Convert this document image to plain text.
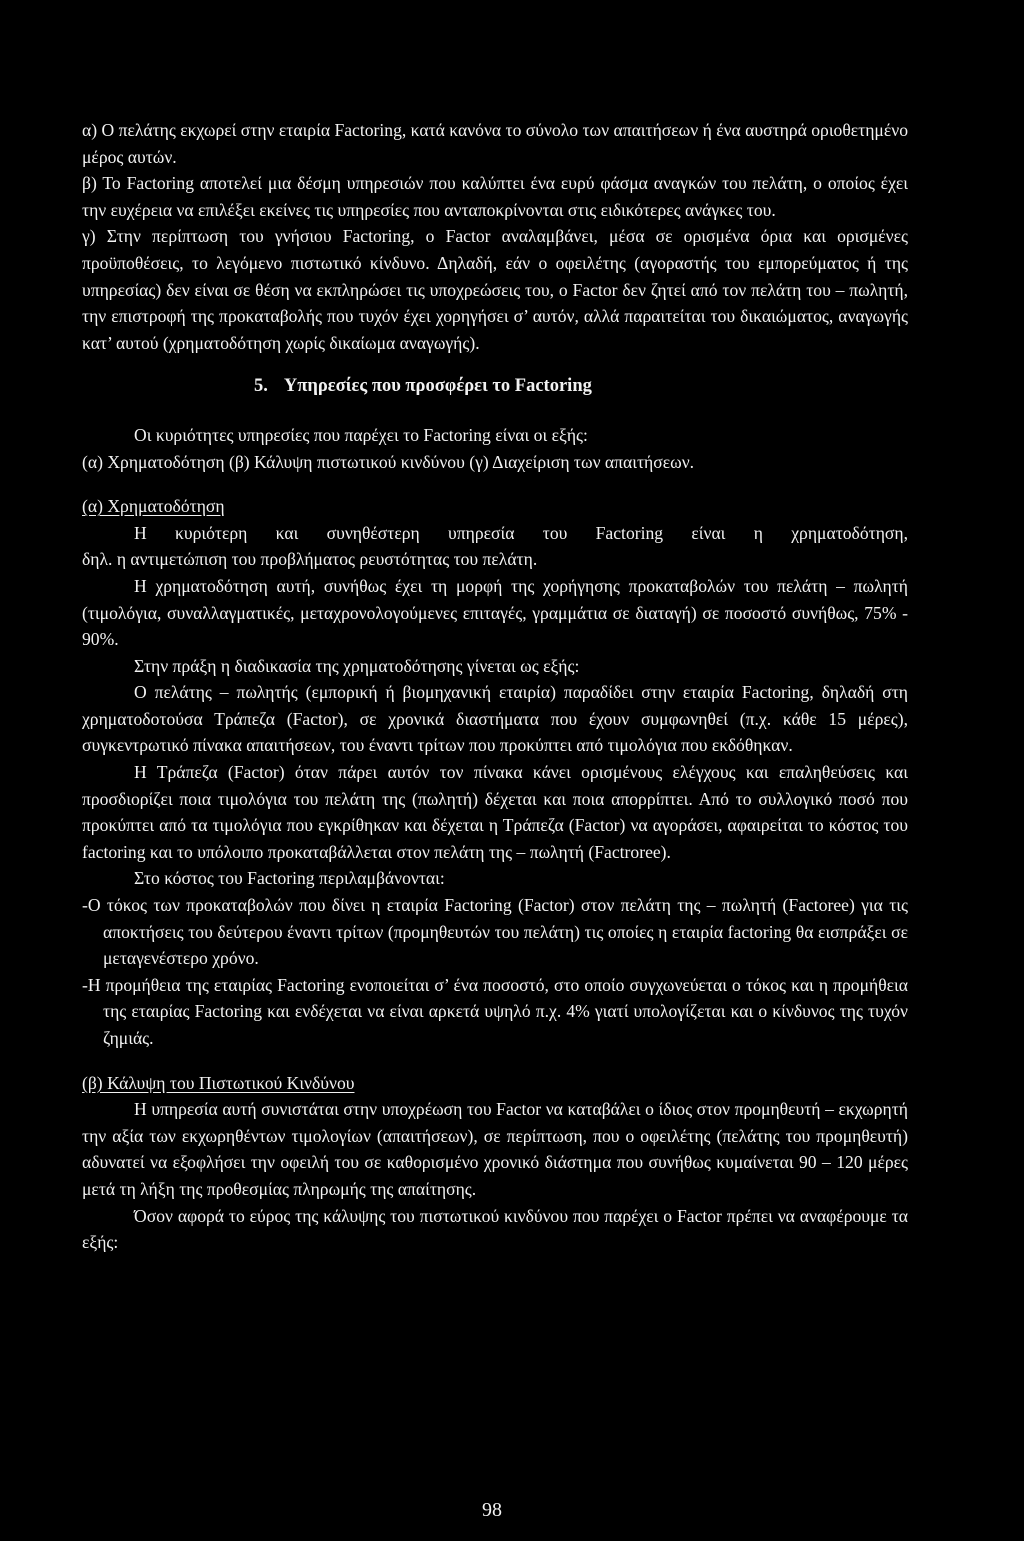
α) Ο πελάτης εκχωρεί στην εταιρία Factoring, κατά κανόνα το σύνολο των απαιτήσεων ή ένα αυστηρά οριοθετημένο μέρος αυτών.

β) Το Factoring αποτελεί μια δέσμη υπηρεσιών που καλύπτει ένα ευρύ φάσμα αναγκών του πελάτη, ο οποίος έχει την ευχέρεια να επιλέξει εκείνες τις υπηρεσίες που ανταποκρίνονται στις ειδικότερες ανάγκες του.

γ) Στην περίπτωση του γνήσιου Factoring, ο Factor αναλαμβάνει, μέσα σε ορισμένα όρια και ορισμένες προϋποθέσεις, το λεγόμενο πιστωτικό κίνδυνο. Δηλαδή, εάν ο οφειλέτης (αγοραστής του εμπορεύματος ή της υπηρεσίας) δεν είναι σε θέση να εκπληρώσει τις υποχρεώσεις του, ο Factor δεν ζητεί από τον πελάτη του – πωλητή, την επιστροφή της προκαταβολής που τυχόν έχει χορηγήσει σ’ αυτόν, αλλά παραιτείται του δικαιώματος, αναγωγής κατ’ αυτού (χρηματοδότηση χωρίς δικαίωμα αναγωγής).

5. Υπηρεσίες που προσφέρει το Factoring

Οι κυριότητες υπηρεσίες που παρέχει το Factoring είναι οι εξής:

(α) Χρηματοδότηση (β) Κάλυψη πιστωτικού κινδύνου (γ) Διαχείριση των απαιτήσεων.

(α) Χρηματοδότηση

Η κυριότερη και συνηθέστερη υπηρεσία του Factoring είναι η χρηματοδότηση,

δηλ. η αντιμετώπιση του προβλήματος ρευστότητας του πελάτη.

Η χρηματοδότηση αυτή, συνήθως έχει τη μορφή της χορήγησης προκαταβολών του πελάτη – πωλητή (τιμολόγια, συναλλαγματικές, μεταχρονολογούμενες επιταγές, γραμμάτια σε διαταγή) σε ποσοστό συνήθως, 75% - 90%.

Στην πράξη η διαδικασία της χρηματοδότησης γίνεται ως εξής:

Ο πελάτης – πωλητής (εμπορική ή βιομηχανική εταιρία) παραδίδει στην εταιρία Factoring, δηλαδή στη χρηματοδοτούσα Τράπεζα (Factor), σε χρονικά διαστήματα που έχουν συμφωνηθεί (π.χ. κάθε 15 μέρες), συγκεντρωτικό πίνακα απαιτήσεων, του έναντι τρίτων που προκύπτει από τιμολόγια που εκδόθηκαν.

Η Τράπεζα (Factor) όταν πάρει αυτόν τον πίνακα κάνει ορισμένους ελέγχους και επαληθεύσεις και προσδιορίζει ποια τιμολόγια του πελάτη της (πωλητή) δέχεται και ποια απορρίπτει. Από το συλλογικό ποσό που προκύπτει από τα τιμολόγια που εγκρίθηκαν και δέχεται η Τράπεζα (Factor) να αγοράσει, αφαιρείται το κόστος του factoring και το υπόλοιπο προκαταβάλλεται στον πελάτη της – πωλητή (Factroree).

Στο κόστος του Factoring περιλαμβάνονται:

-Ο τόκος των προκαταβολών που δίνει η εταιρία Factoring (Factor) στον πελάτη της – πωλητή (Factoree) για τις αποκτήσεις του δεύτερου έναντι τρίτων (προμηθευτών του πελάτη) τις οποίες η εταιρία factoring θα εισπράξει σε μεταγενέστερο χρόνο.

-Η προμήθεια της εταιρίας Factoring ενοποιείται σ’ ένα ποσοστό, στο οποίο συγχωνεύεται ο τόκος και η προμήθεια της εταιρίας Factoring και ενδέχεται να είναι αρκετά υψηλό π.χ. 4% γιατί υπολογίζεται και ο κίνδυνος της τυχόν ζημιάς.

(β) Κάλυψη του Πιστωτικού Κινδύνου

Η υπηρεσία αυτή συνιστάται στην υποχρέωση του Factor να καταβάλει ο ίδιος στον προμηθευτή – εκχωρητή την αξία των εκχωρηθέντων τιμολογίων (απαιτήσεων), σε περίπτωση, που ο οφειλέτης (πελάτης του προμηθευτή) αδυνατεί να εξοφλήσει την οφειλή του σε καθορισμένο χρονικό διάστημα που συνήθως κυμαίνεται 90 – 120 μέρες μετά τη λήξη της προθεσμίας πληρωμής της απαίτησης.

Όσον αφορά το εύρος της κάλυψης του πιστωτικού κινδύνου που παρέχει ο Factor πρέπει να αναφέρουμε τα εξής:

98
